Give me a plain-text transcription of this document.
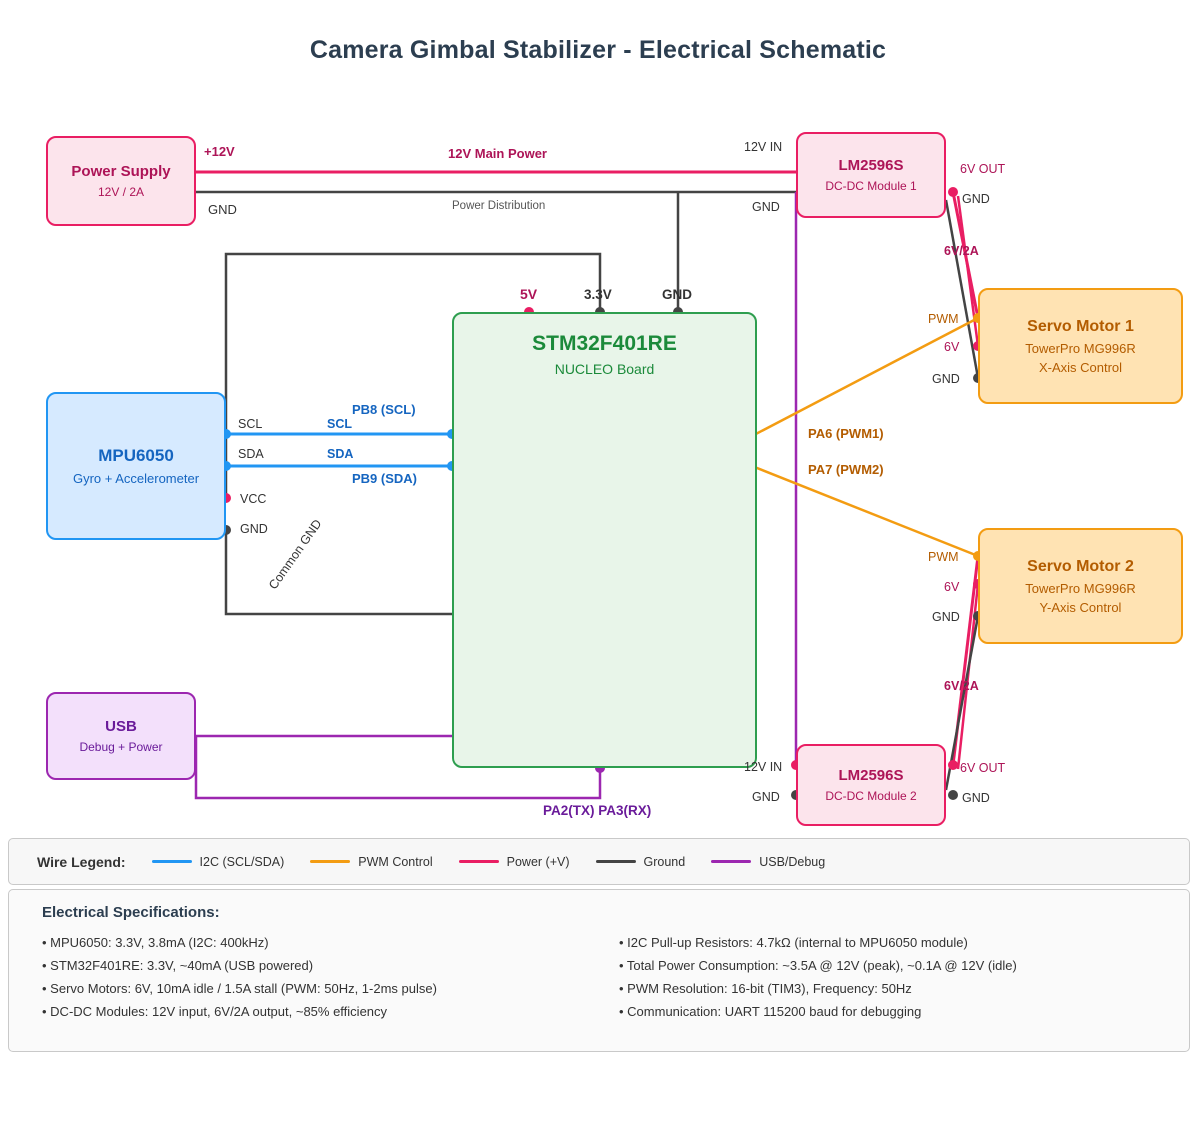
Camera Gimbal Stabilizer - Electrical Schematic
Power Supply
12V / 2A
LM2596S
DC-DC Module 1
LM2596S
DC-DC Module 2
STM32F401RE
NUCLEO Board
MPU6050
Gyro + Accelerometer
Servo Motor 1
TowerPro MG996R
X-Axis Control
Servo Motor 2
TowerPro MG996R
Y-Axis Control
USB
Debug + Power
+12V
GND
12V Main Power
Power Distribution
12V IN
GND
6V OUT
GND
6V/2A
PWM
6V
GND
PWM
6V
GND
6V/2A
12V IN
GND
6V OUT
GND
5V	3.3V	GND
SCL
SDA
SCL
SDA
PB8 (SCL)
PB9 (SDA)
VCC
GND
Common GND
PA6 (PWM1)
PA7 (PWM2)
PA2(TX) PA3(RX)
Wire Legend:	I2C (SCL/SDA)	PWM Control	Power (+V)	Ground	USB/Debug
Electrical Specifications:
• MPU6050: 3.3V, 3.8mA (I2C: 400kHz)
• STM32F401RE: 3.3V, ~40mA (USB powered)
• Servo Motors: 6V, 10mA idle / 1.5A stall (PWM: 50Hz, 1-2ms pulse)
• DC-DC Modules: 12V input, 6V/2A output, ~85% efficiency
• I2C Pull-up Resistors: 4.7kΩ (internal to MPU6050 module)
• Total Power Consumption: ~3.5A @ 12V (peak), ~0.1A @ 12V (idle)
• PWM Resolution: 16-bit (TIM3), Frequency: 50Hz
• Communication: UART 115200 baud for debugging
